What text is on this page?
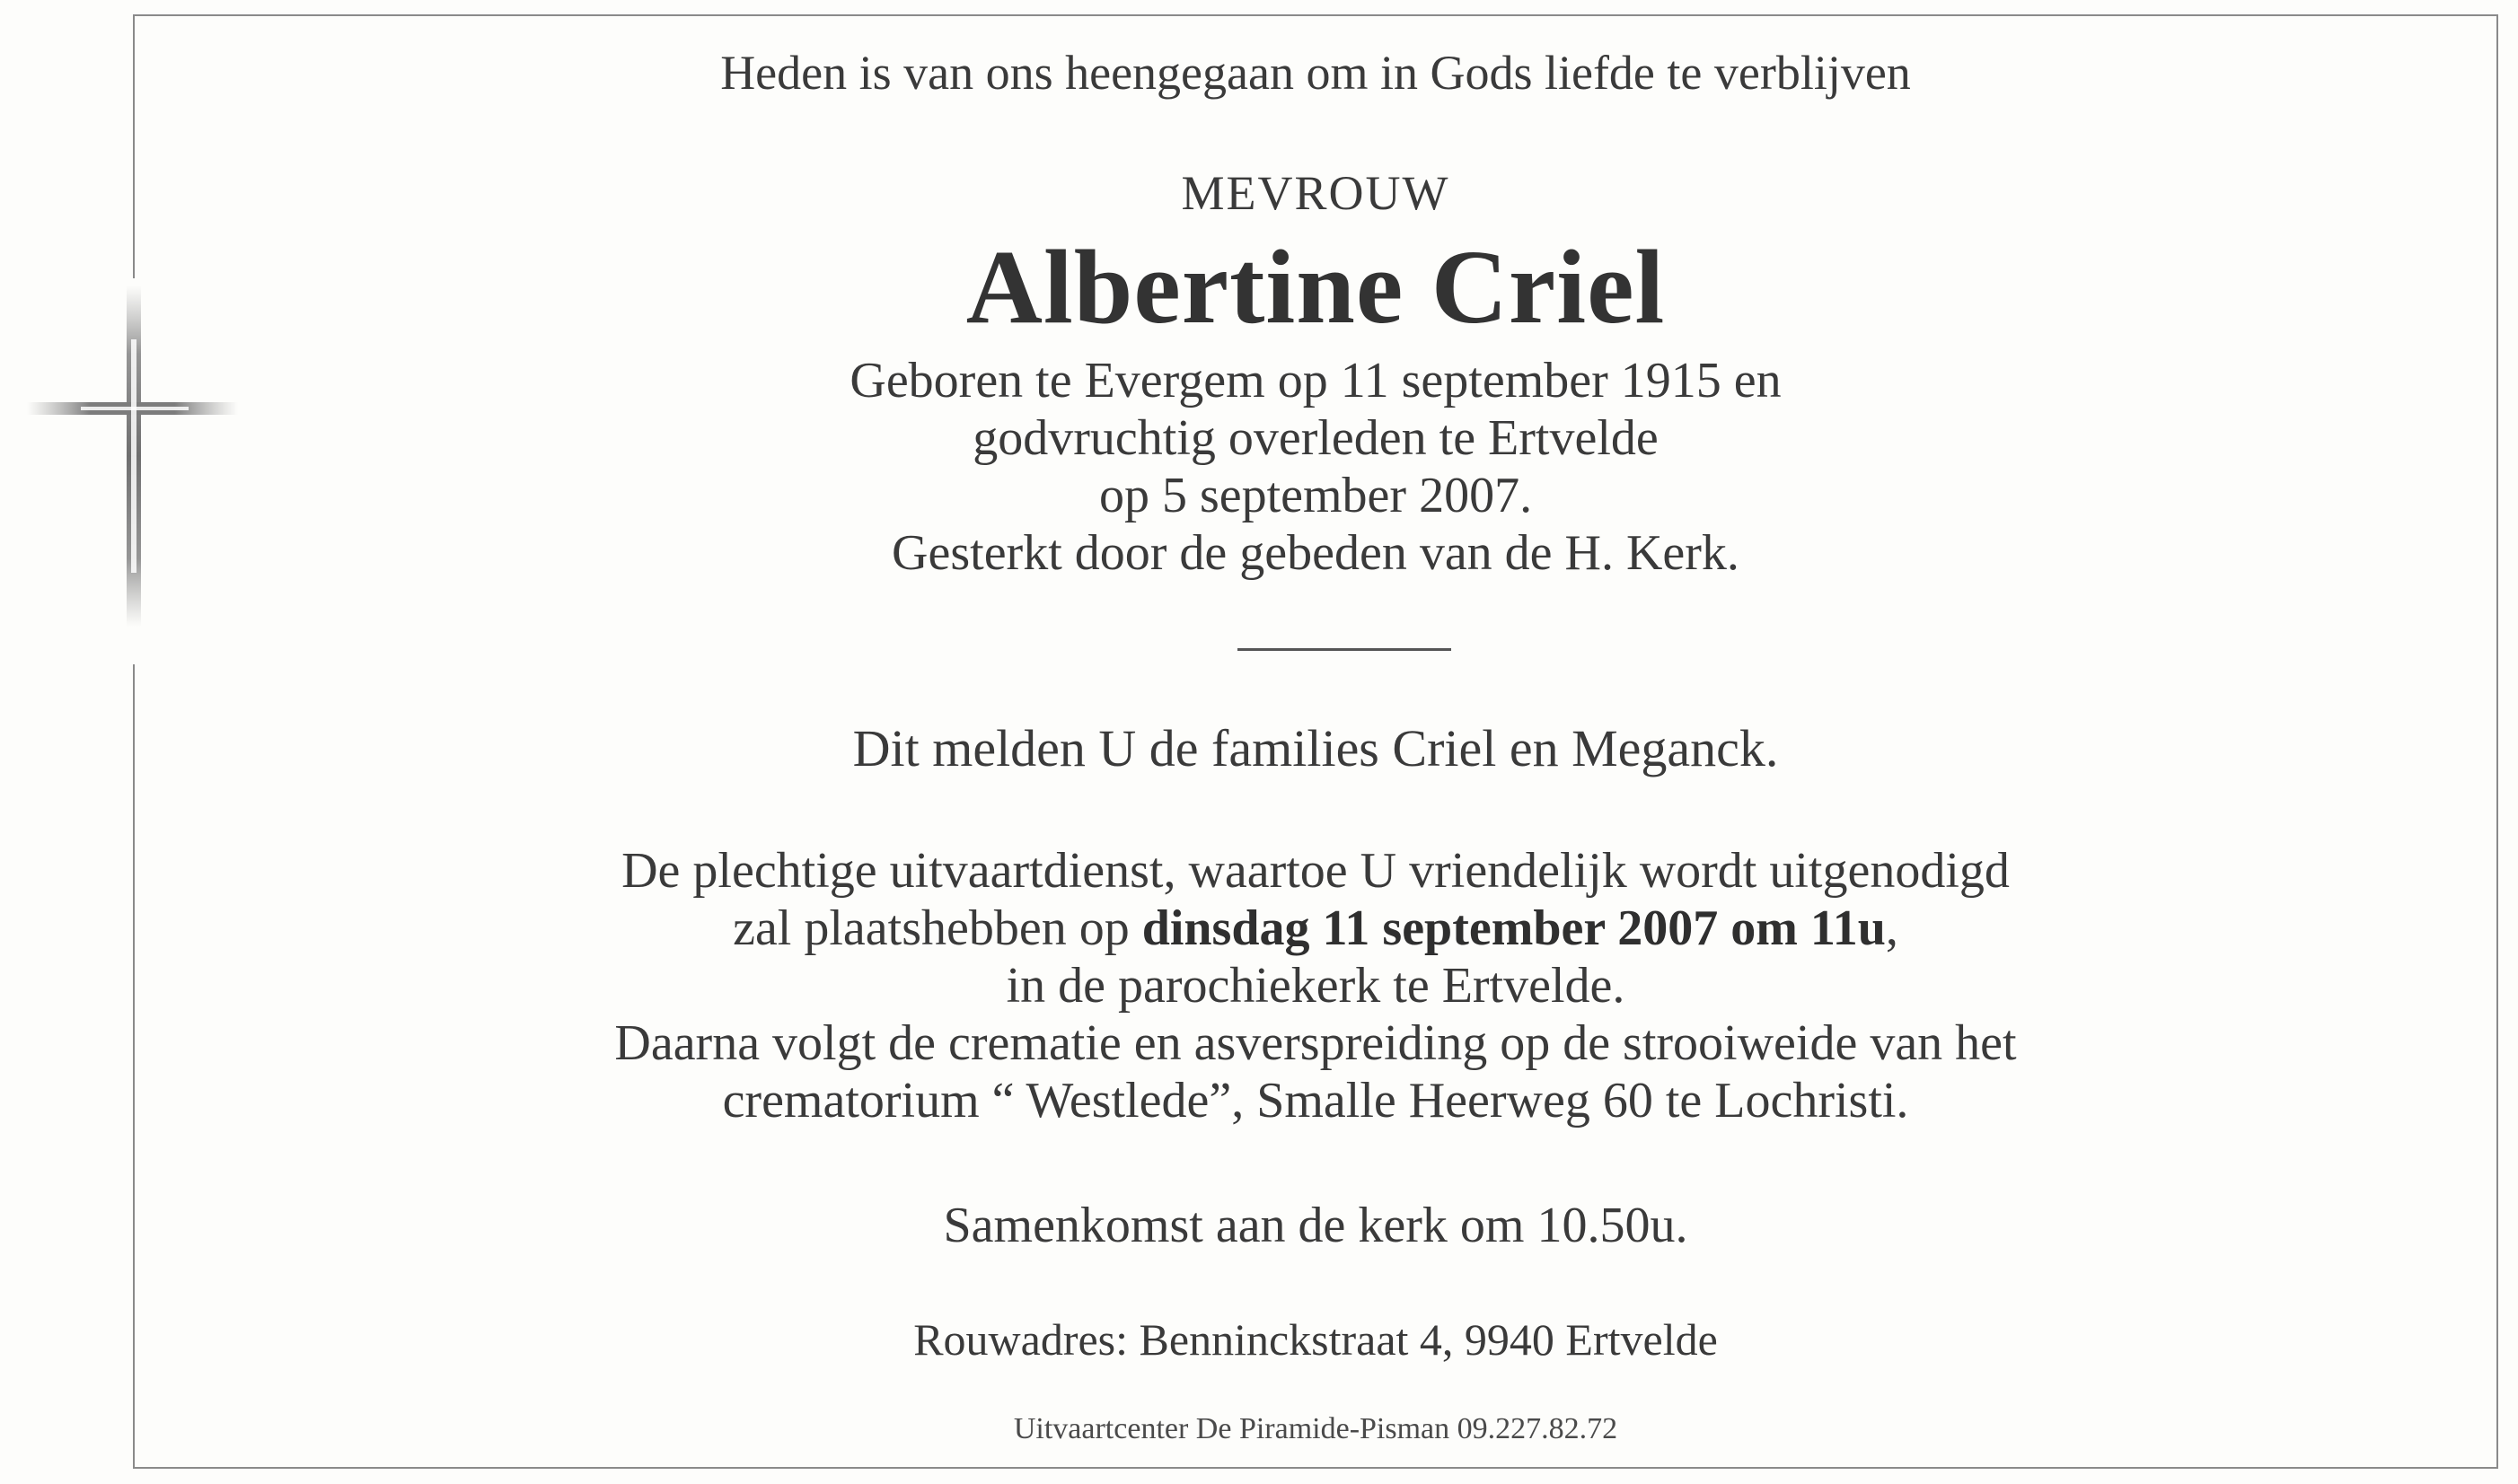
Heden is van ons heengegaan om in Gods liefde te verblijven

MEVROUW

Albertine Criel

Geboren te Evergem op 11 september 1915 en
godvruchtig overleden te Ertvelde
op 5 september 2007.
Gesterkt door de gebeden van de H. Kerk.

Dit melden U de families Criel en Meganck.

De plechtige uitvaartdienst, waartoe U vriendelijk wordt uitgenodigd
zal plaatshebben op dinsdag 11 september 2007 om 11u,
in de parochiekerk te Ertvelde.
Daarna volgt de crematie en asverspreiding op de strooiweide van het
crematorium “ Westlede”, Smalle Heerweg 60 te Lochristi.

Samenkomst aan de kerk om 10.50u.

Rouwadres: Benninckstraat 4, 9940 Ertvelde

Uitvaartcenter De Piramide-Pisman 09.227.82.72
